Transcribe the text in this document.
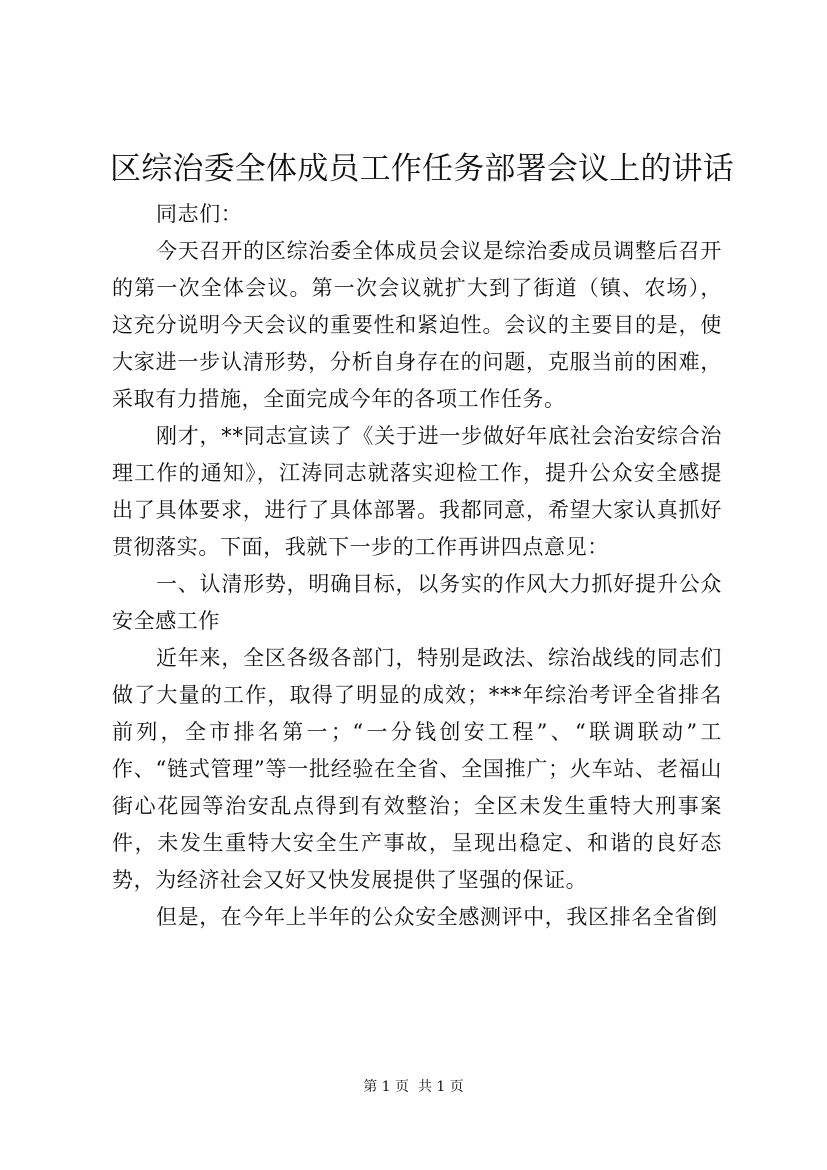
区综治委全体成员工作任务部署会议上的讲话

同志们：

今天召开的区综治委全体成员会议是综治委成员调整后召开的第一次全体会议。第一次会议就扩大到了街道（镇、农场），这充分说明今天会议的重要性和紧迫性。会议的主要目的是，使大家进一步认清形势，分析自身存在的问题，克服当前的困难，采取有力措施，全面完成今年的各项工作任务。

刚才，**同志宣读了《关于进一步做好年底社会治安综合治理工作的通知》，江涛同志就落实迎检工作，提升公众安全感提出了具体要求，进行了具体部署。我都同意，希望大家认真抓好贯彻落实。下面，我就下一步的工作再讲四点意见：

一、认清形势，明确目标，以务实的作风大力抓好提升公众安全感工作

近年来，全区各级各部门，特别是政法、综治战线的同志们做了大量的工作，取得了明显的成效；***年综治考评全省排名前列，全市排名第一；“一分钱创安工程”、“联调联动”工作、“链式管理”等一批经验在全省、全国推广；火车站、老福山街心花园等治安乱点得到有效整治；全区未发生重特大刑事案件，未发生重特大安全生产事故，呈现出稳定、和谐的良好态势，为经济社会又好又快发展提供了坚强的保证。

但是，在今年上半年的公众安全感测评中，我区排名全省倒

第 1 页  共 1 页
